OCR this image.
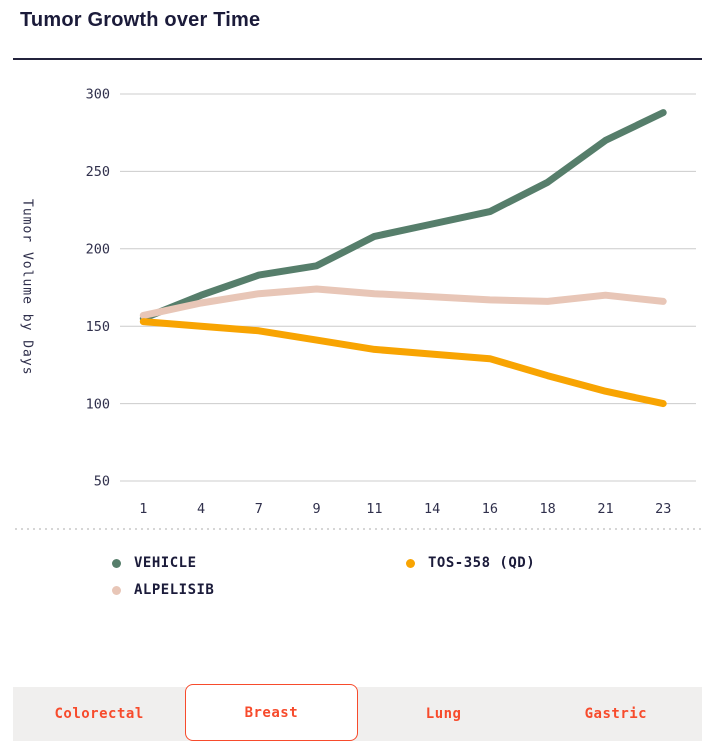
Tumor Growth over Time
300
250
200
150
100
50
1	4	7	9	11	14	16	18	21	23
Tumor Volume by Days
VEHICLE	TOS-358 (QD)
ALPELISIB
Colorectal	Breast	Lung	Gastric
